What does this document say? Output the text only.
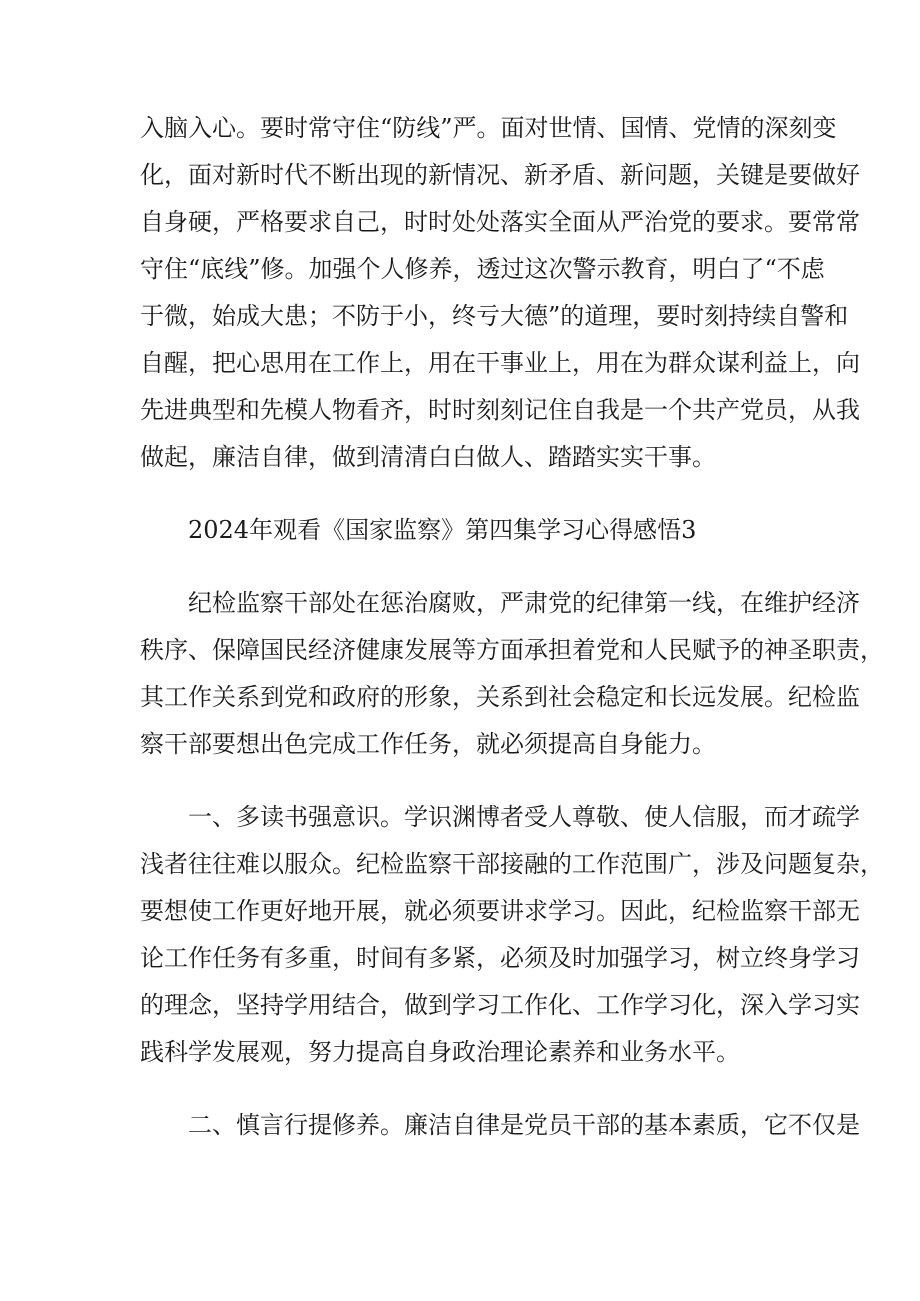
入脑入心。要时常守住“防线”严。面对世情、国情、党情的深刻变
化，面对新时代不断出现的新情况、新矛盾、新问题，关键是要做好
自身硬，严格要求自己，时时处处落实全面从严治党的要求。要常常
守住“底线”修。加强个人修养，透过这次警示教育，明白了“不虑
于微，始成大患；不防于小，终亏大德”的道理，要时刻持续自警和
自醒，把心思用在工作上，用在干事业上，用在为群众谋利益上，向
先进典型和先模人物看齐，时时刻刻记住自我是一个共产党员，从我
做起，廉洁自律，做到清清白白做人、踏踏实实干事。
2024年观看《国家监察》第四集学习心得感悟3
纪检监察干部处在惩治腐败，严肃党的纪律第一线，在维护经济
秩序、保障国民经济健康发展等方面承担着党和人民赋予的神圣职责，
其工作关系到党和政府的形象，关系到社会稳定和长远发展。纪检监
察干部要想出色完成工作任务，就必须提高自身能力。
一、多读书强意识。学识渊博者受人尊敬、使人信服，而才疏学
浅者往往难以服众。纪检监察干部接融的工作范围广，涉及问题复杂，
要想使工作更好地开展，就必须要讲求学习。因此，纪检监察干部无
论工作任务有多重，时间有多紧，必须及时加强学习，树立终身学习
的理念，坚持学用结合，做到学习工作化、工作学习化，深入学习实
践科学发展观，努力提高自身政治理论素养和业务水平。
二、慎言行提修养。廉洁自律是党员干部的基本素质，它不仅是
